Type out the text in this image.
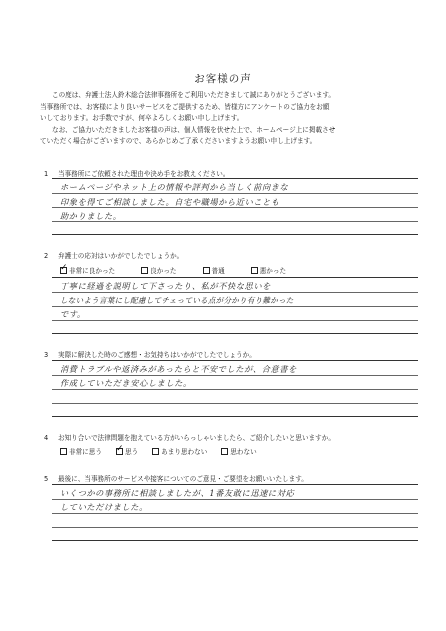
お客様の声

この度は、弁護士法人鈴木総合法律事務所をご利用いただきまして誠にありがとうございます。

当事務所では、お客様により良いサービスをご提供するため、皆様方にアンケートのご協力をお願

いしております。お手数ですが、何卒よろしくお願い申し上げます。

なお、ご協力いただきましたお客様の声は、個人情報を伏せた上で、ホームページ上に掲載させ

ていただく場合がございますので、あらかじめご了承くださいますようお願い申し上げます。

1 当事務所にご依頼された理由や決め手をお教えください。
ホームページやネット上の情報や評判から当しく前向きな
印象を得てご相談しました。自宅や職場から近いことも
助かりました。
2 弁護士の応対はいかがでしたでしょうか。
✓
非常に良かった	良かった	普通	悪かった
丁寧に経過を説明して下さったり、私が不快な思いを
しないよう言葉にし配慮してチェっている点が分かり有り難かった
です。
3 実際に解決した時のご感想・お気持ちはいかがでしたでしょうか。
消費トラブルや返済みがあったらと不安でしたが、合意書を
作成していただき安心しました。
4 お知り合いで法律問題を抱えている方がいらっしゃいましたら、ご紹介したいと思いますか。
非常に思う
✓	思う	あまり思わない	思わない
5 最後に、当事務所のサービスや接客についてのご意見・ご要望をお願いいたします。
いくつかの事務所に相談しましたが、1番友敢に迅速に対応
していただけました。
